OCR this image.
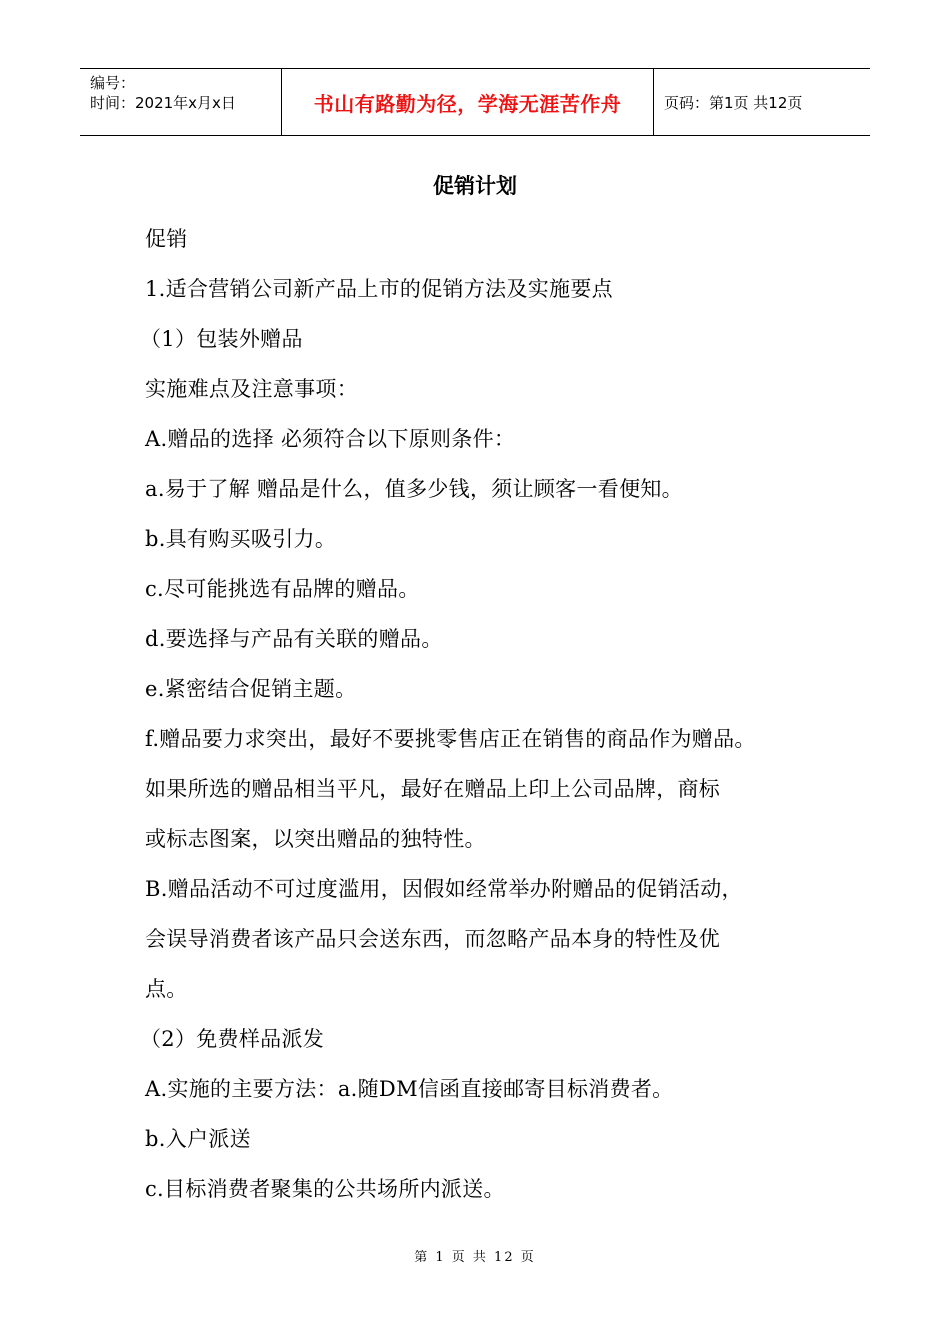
编号：
时间：2021年x月x日	书山有路勤为径，学海无涯苦作舟	页码：第1页 共12页
促销计划
促销
1.适合营销公司新产品上市的促销方法及实施要点
（1）包装外赠品
实施难点及注意事项：
A.赠品的选择 必须符合以下原则条件：
a.易于了解 赠品是什么，值多少钱，须让顾客一看便知。
b.具有购买吸引力。
c.尽可能挑选有品牌的赠品。
d.要选择与产品有关联的赠品。
e.紧密结合促销主题。
f.赠品要力求突出，最好不要挑零售店正在销售的商品作为赠品。
如果所选的赠品相当平凡，最好在赠品上印上公司品牌，商标
或标志图案，以突出赠品的独特性。
B.赠品活动不可过度滥用，因假如经常举办附赠品的促销活动，
会误导消费者该产品只会送东西，而忽略产品本身的特性及优
点。
（2）免费样品派发
A.实施的主要方法：a.随DM信函直接邮寄目标消费者。
b.入户派送
c.目标消费者聚集的公共场所内派送。
第 1 页 共 12 页
